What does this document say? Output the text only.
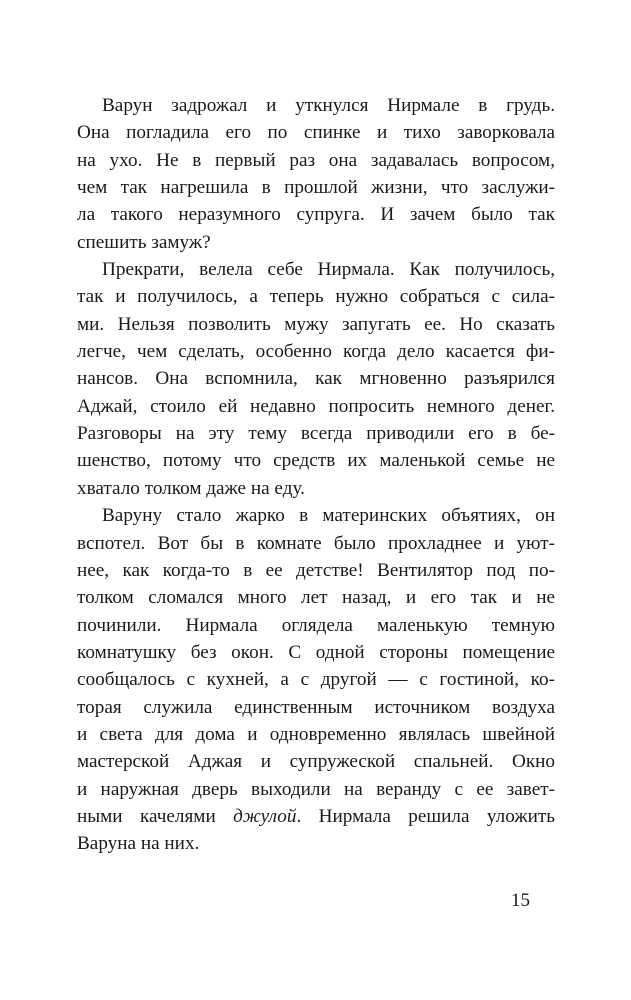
Варун задрожал и уткнулся Нирмале в грудь.
Она погладила его по спинке и тихо заворковала
на ухо. Не в первый раз она задавалась вопросом,
чем так нагрешила в прошлой жизни, что заслужи-
ла такого неразумного супруга. И зачем было так
спешить замуж?
Прекрати, велела себе Нирмала. Как получилось,
так и получилось, а теперь нужно собраться с сила-
ми. Нельзя позволить мужу запугать ее. Но сказать
легче, чем сделать, особенно когда дело касается фи-
нансов. Она вспомнила, как мгновенно разъярился
Аджай, стоило ей недавно попросить немного денег.
Разговоры на эту тему всегда приводили его в бе-
шенство, потому что средств их маленькой семье не
хватало толком даже на еду.
Варуну стало жарко в материнских объятиях, он
вспотел. Вот бы в комнате было прохладнее и уют-
нее, как когда-то в ее детстве! Вентилятор под по-
толком сломался много лет назад, и его так и не
починили. Нирмала оглядела маленькую темную
комнатушку без окон. С одной стороны помещение
сообщалось с кухней, а с другой — с гостиной, ко-
торая служила единственным источником воздуха
и света для дома и одновременно являлась швейной
мастерской Аджая и супружеской спальней. Окно
и наружная дверь выходили на веранду с ее завет-
ными качелями джулой. Нирмала решила уложить
Варуна на них.
15
